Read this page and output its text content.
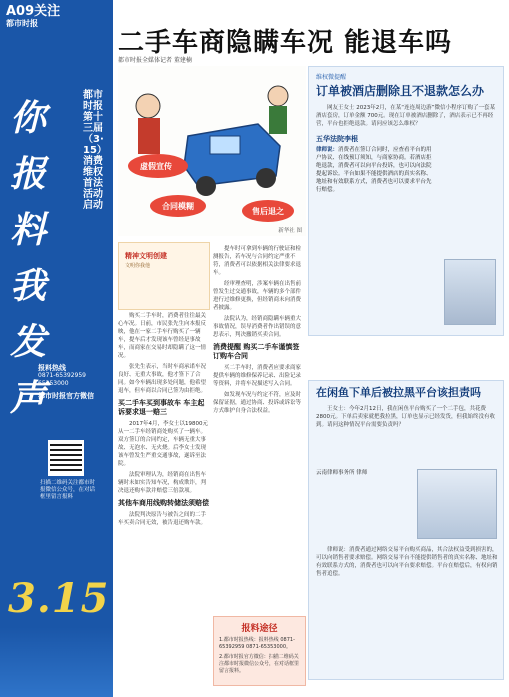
A09关注
都市时报
你报料我发声
都市时报第十三届（3·15）消费维权首法活动启动
报料热线
0871-65392959 65353000
都市时报官方微信
扫描二维码关注都市时报微信公众号，在对话框里留言报料
3.15
二手车商隐瞒车况 能退车吗
都市时报全媒体记者 董建楠
虚假宣传
合同模糊
售后退之
新华社 图
精神文明创建
文明你我他

购买二手车时，消费者往往最关心车况。日前，市民张先生向本报反映，他在一家二手车行购买了一辆车，提车后才发现该车曾经是事故车，而商家在交易时却隐瞒了这一情况。

张先生表示，当时车商承诺车况良好、无重大事故，他才签下了合同。如今车辆出现多处问题，他希望退车，但车商以合同已签为由拒绝。

买二手车买到事故车 车主起诉要求退一赔三

2017年4月，李女士以19800元从一二手车经销商处购买了一辆车。双方签订的合同约定，车辆无重大事故、无泡水、无火烧。后李女士发现该车曾发生严重交通事故，遂诉至法院。

法院审理认为，经销商在出售车辆时未如实告知车况，构成欺诈，判决退还购车款并赔偿三倍款项。

其他车商用线购转储法须赔偿

法院判决原告与被告之间的二手车买卖合同无效，被告退还购车款。

提车时可拿到车辆的行驶证和检测报告，若车况与合同约定严重不符，消费者可以依据相关法律要求退车。

经审理查明，涉案车辆在出售前曾发生过交通事故，车辆的多个部件进行过维修更换，但经销商未向消费者披露。

法院认为，经销商隐瞒车辆重大事故情况，误导消费者作出错误的意思表示，判决撤销买卖合同。

消费提醒 购买二手车谨慎签订购车合同

买二手车时，消费者应要求商家提供车辆的维修保养记录、出险记录等资料，并将车况描述写入合同。

如发现车况与约定不符，应及时保留证据，通过协商、投诉或诉讼等方式维护自身合法权益。

报料途径
1.都市时报热线：报料热线 0871-65392959 0871-65353000。
2.都市时报官方微信：扫描二维码关注都市时报微信公众号，在对话框里留言报料。
维权微提醒
订单被酒店删除且不退款怎么办
网友王女士 2023年2月，在某“连连周边游”微信小程序订购了一套某酒店套房，订单金额 700元。现在订单被酒店删除了，酒店表示已不再经营，平台也拒绝退款。请问应该怎么维权？
五华法院李根
律师说：消费者在签订合同时，应查看平台的用户协议、在线预订须知，与商家协商。若酒店拒绝退款，消费者可以向平台投诉，也可以向法院提起诉讼。平台如果不能提供酒店的真实名称、地址和有效联系方式，消费者也可以要求平台先行赔偿。
在闲鱼下单后被拉黑平台该担责吗
王女士：今年2月12日，我在闲鱼平台购买了一个二手包，共花费2800元。下单后卖家就把我拉黑，订单也显示已经发货，但我始终没有收到。请问这种情况平台需要负责吗？
云南律师事务所 律师
律师说：消费者通过网络交易平台购买商品，其合法权益受到损害的，可以向销售者要求赔偿。网络交易平台不能提供销售者的真实名称、地址和有效联系方式的，消费者也可以向平台要求赔偿。平台在赔偿后，有权向销售者追偿。
